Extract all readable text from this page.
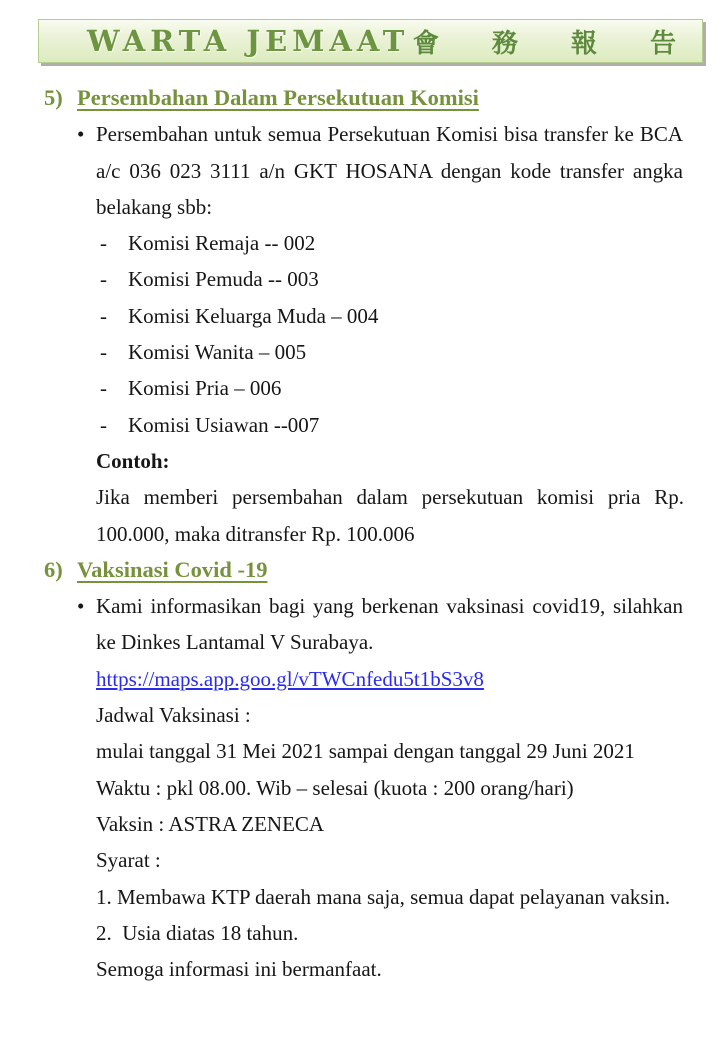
WARTA JEMAAT 會 務 報 告
5) Persembahan Dalam Persekutuan Komisi
• Persembahan untuk semua Persekutuan Komisi bisa transfer ke BCA a/c 036 023 3111 a/n GKT HOSANA dengan kode transfer angka belakang sbb:
-	Komisi Remaja -- 002
-	Komisi Pemuda -- 003
-	Komisi Keluarga Muda – 004
-	Komisi Wanita – 005
-	Komisi Pria – 006
-	Komisi Usiawan --007
Contoh:
Jika memberi persembahan dalam persekutuan komisi pria Rp. 100.000, maka ditransfer Rp. 100.006
6) Vaksinasi Covid -19
• Kami informasikan bagi yang berkenan vaksinasi covid19, silahkan ke Dinkes Lantamal V Surabaya.
https://maps.app.goo.gl/vTWCnfedu5t1bS3v8
Jadwal Vaksinasi :
mulai tanggal 31 Mei 2021 sampai dengan tanggal 29 Juni 2021
Waktu : pkl 08.00. Wib – selesai (kuota : 200 orang/hari)
Vaksin : ASTRA ZENECA
Syarat :
1. Membawa KTP daerah mana saja, semua dapat pelayanan vaksin.
2.  Usia diatas 18 tahun.
Semoga informasi ini bermanfaat.
